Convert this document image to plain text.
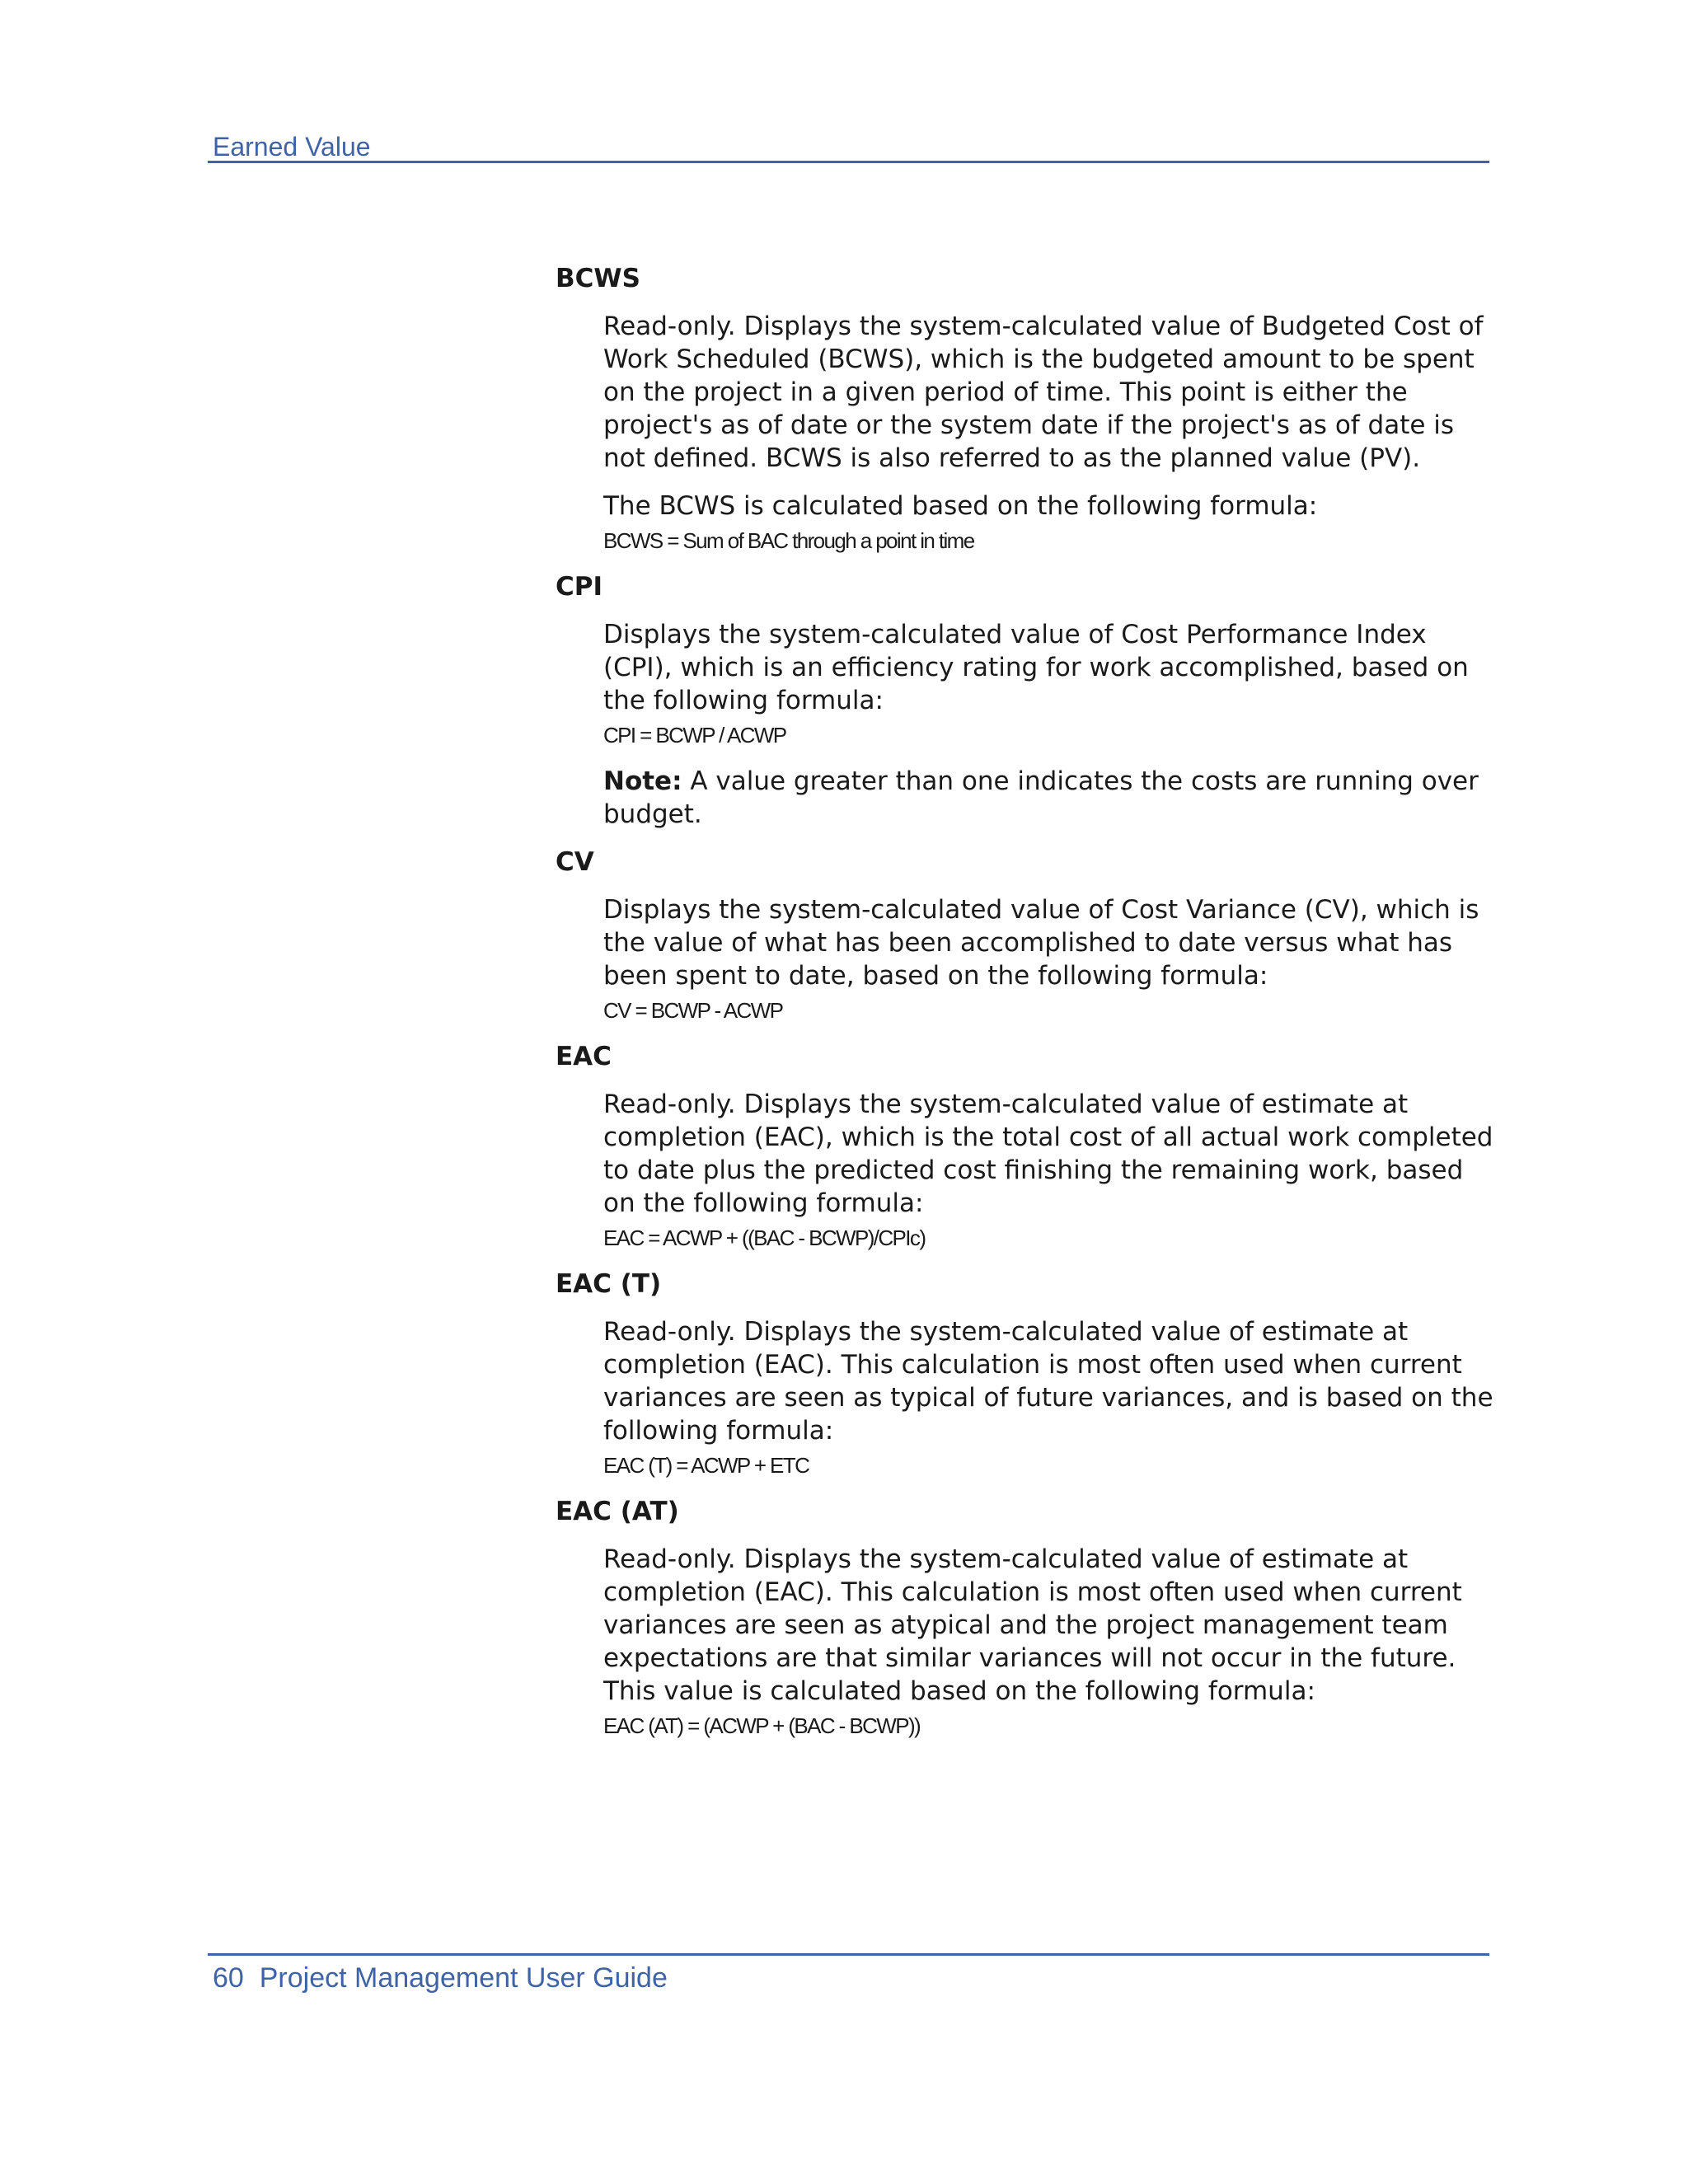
Earned Value

BCWS

Read-only. Displays the system-calculated value of Budgeted Cost of Work Scheduled (BCWS), which is the budgeted amount to be spent on the project in a given period of time. This point is either the project's as of date or the system date if the project's as of date is not defined. BCWS is also referred to as the planned value (PV).

The BCWS is calculated based on the following formula:

BCWS = Sum of BAC through a point in time

CPI

Displays the system-calculated value of Cost Performance Index (CPI), which is an efficiency rating for work accomplished, based on the following formula:

CPI = BCWP / ACWP

Note: A value greater than one indicates the costs are running over budget.

CV

Displays the system-calculated value of Cost Variance (CV), which is the value of what has been accomplished to date versus what has been spent to date, based on the following formula:

CV = BCWP - ACWP

EAC

Read-only. Displays the system-calculated value of estimate at completion (EAC), which is the total cost of all actual work completed to date plus the predicted cost finishing the remaining work, based on the following formula:

EAC = ACWP + ((BAC - BCWP)/CPIc)

EAC (T)

Read-only. Displays the system-calculated value of estimate at completion (EAC). This calculation is most often used when current variances are seen as typical of future variances, and is based on the following formula:

EAC (T) = ACWP + ETC

EAC (AT)

Read-only. Displays the system-calculated value of estimate at completion (EAC). This calculation is most often used when current variances are seen as atypical and the project management team expectations are that similar variances will not occur in the future. This value is calculated based on the following formula:

EAC (AT) = (ACWP + (BAC - BCWP))

60 Project Management User Guide
